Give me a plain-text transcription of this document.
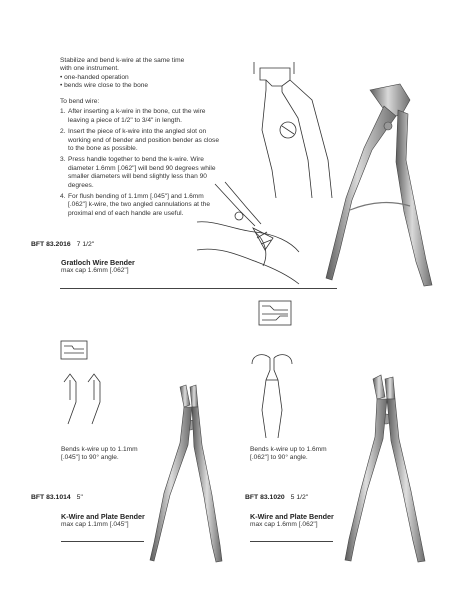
Stabilize and bend k-wire at the same time
with one instrument.
• one-handed operation
• bends wire close to the bone
To bend wire:
1. After inserting a k-wire in the bone, cut the wire leaving a piece of 1/2" to 3/4" in length.
2. Insert the piece of k-wire into the angled slot on working end of bender and position bender as close to the bone as possible.
3. Press handle together to bend the k-wire. Wire diameter 1.6mm [.062"] will bend 90 degrees while smaller diameters will bend slightly less than 90 degrees.
4. For flush bending of 1.1mm [.045"] and 1.6mm [.062"] k-wire, the two angled cannulations at the proximal end of each handle are useful.
BFT 83.2016 7 1/2"
Gratloch Wire Bender
max cap 1.6mm [.062"]
Bends k-wire up to 1.1mm
[.045"] to 90° angle.
BFT 83.1014 5"
K-Wire and Plate Bender
max cap 1.1mm [.045"]
Bends k-wire up to 1.6mm
[.062"] to 90° angle.
BFT 83.1020 5 1/2"
K-Wire and Plate Bender
max cap 1.6mm [.062"]
